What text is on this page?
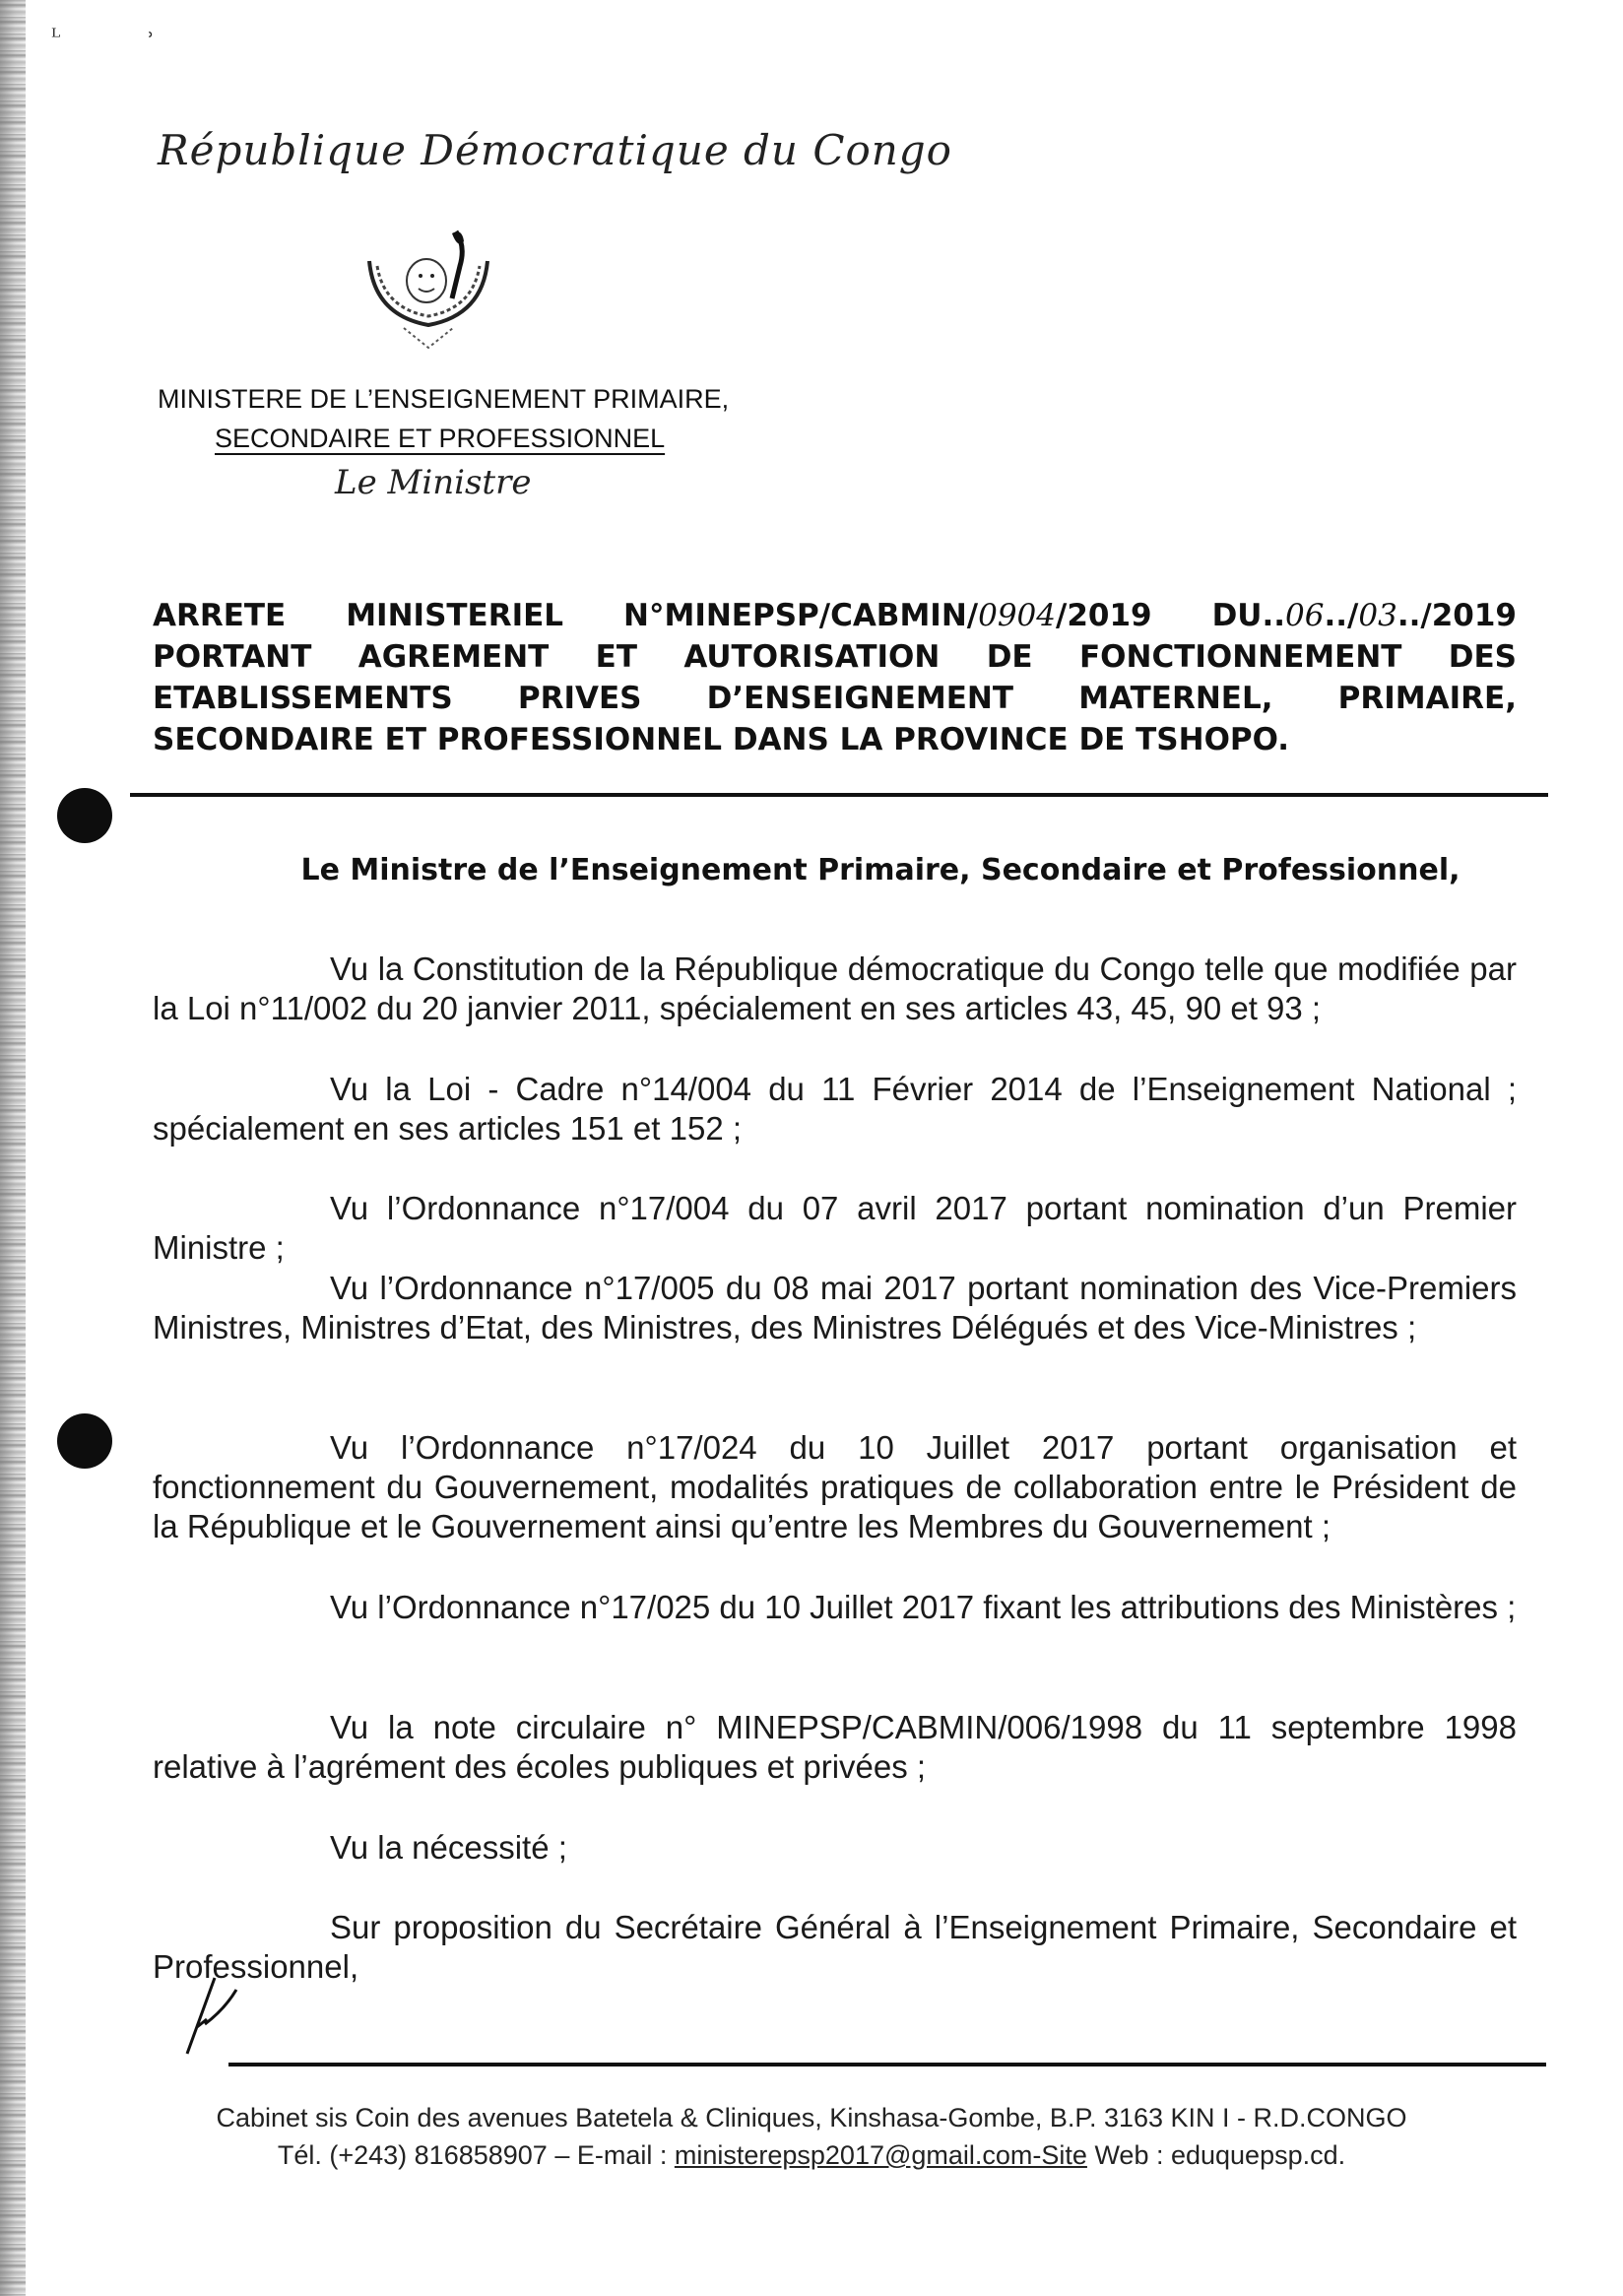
ᴸ	ʾ
République Démocratique du Congo
MINISTERE DE L’ENSEIGNEMENT PRIMAIRE,
SECONDAIRE ET PROFESSIONNEL
Le Ministre
ARRETE MINISTERIEL N°MINEPSP/CABMIN/0904/2019 DU..06../03../2019
PORTANT AGREMENT ET AUTORISATION DE FONCTIONNEMENT DES
ETABLISSEMENTS PRIVES D’ENSEIGNEMENT MATERNEL, PRIMAIRE,
SECONDAIRE ET PROFESSIONNEL DANS LA PROVINCE DE TSHOPO.
Le Ministre de l’Enseignement Primaire, Secondaire et Professionnel,
Vu la Constitution de la République démocratique du Congo telle que modifiée par la Loi n°11/002 du 20 janvier 2011, spécialement en ses articles 43, 45, 90 et 93 ;
Vu la Loi - Cadre n°14/004 du 11 Février 2014 de l’Enseignement National ; spécialement en ses articles 151 et 152 ;
Vu l’Ordonnance n°17/004 du 07 avril 2017 portant nomination d’un Premier Ministre ;
Vu l’Ordonnance n°17/005 du 08 mai 2017 portant nomination des Vice-Premiers Ministres, Ministres d’Etat, des Ministres, des Ministres Délégués et des Vice-Ministres ;
Vu l’Ordonnance n°17/024 du 10 Juillet 2017 portant organisation et fonctionnement du Gouvernement, modalités pratiques de collaboration entre le Président de la République et le Gouvernement ainsi qu’entre les Membres du Gouvernement ;
Vu l’Ordonnance n°17/025 du 10 Juillet 2017 fixant les attributions des Ministères ;
Vu la note circulaire n° MINEPSP/CABMIN/006/1998 du 11 septembre 1998 relative à l’agrément des écoles publiques et privées ;
Vu la nécessité ;
Sur proposition du Secrétaire Général à l’Enseignement Primaire, Secondaire et Professionnel,
Cabinet sis Coin des avenues Batetela & Cliniques, Kinshasa-Gombe, B.P. 3163 KIN I - R.D.CONGO
Tél. (+243) 816858907 – E-mail : ministerepsp2017@gmail.com-Site Web : eduquepsp.cd.
